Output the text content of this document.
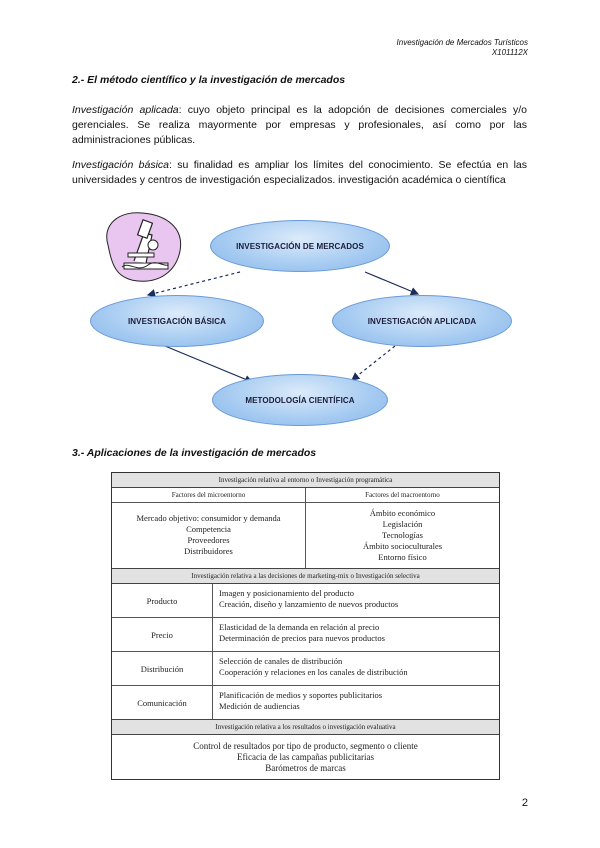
Investigación de Mercados Turísticos
X101112X
2.- El método científico y la investigación de mercados
Investigación aplicada: cuyo objeto principal es la adopción de decisiones comerciales y/o gerenciales. Se realiza mayormente por empresas y profesionales, así como por las administraciones públicas.
Investigación básica: su finalidad es ampliar los límites del conocimiento. Se efectúa en las universidades y centros de investigación especializados. investigación académica o científica
INVESTIGACIÓN DE MERCADOS
INVESTIGACIÓN BÁSICA	INVESTIGACIÓN APLICADA
METODOLOGÍA CIENTÍFICA
3.- Aplicaciones de la investigación de mercados
Investigación relativa al entorno o Investigación programática
Factores del microentorno	Factores del macroentorno
Mercado objetivo: consumidor y demanda
Competencia
Proveedores
Distribuidores
Ámbito económico
Legislación
Tecnologías
Ámbito socioculturales
Entorno físico
Investigación relativa a las decisiones de marketing-mix o Investigación selectiva
Producto
Imagen y posicionamiento del producto
Creación, diseño y lanzamiento de nuevos productos
Precio
Elasticidad de la demanda en relación al precio
Determinación de precios para nuevos productos
Distribución
Selección de canales de distribución
Cooperación y relaciones en los canales de distribución
Comunicación
Planificación de medios y soportes publicitarios
Medición de audiencias
Investigación relativa a los resultados o investigación evaluativa
Control de resultados por tipo de producto, segmento o cliente
Eficacia de las campañas publicitarias
Barómetros de marcas
2
